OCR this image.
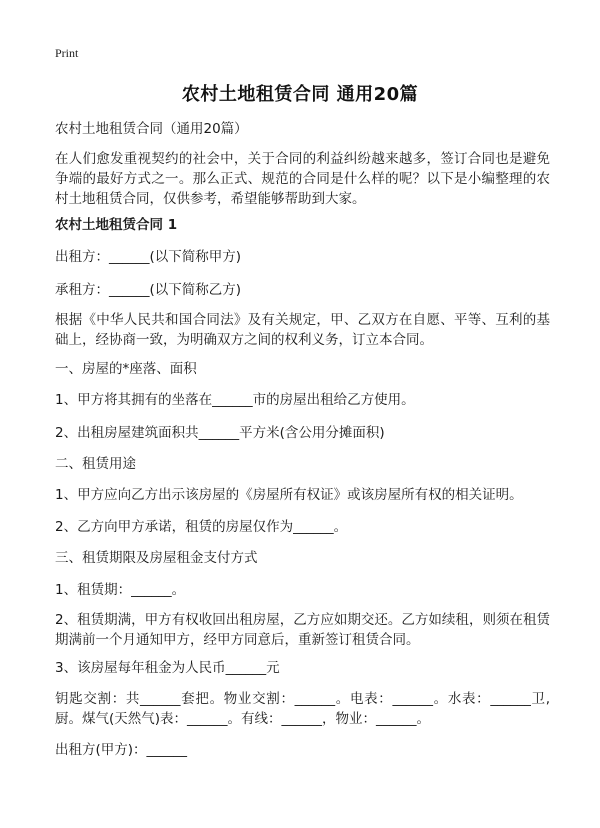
Print
农村土地租赁合同 通用20篇
农村土地租赁合同（通用20篇）
在人们愈发重视契约的社会中，关于合同的利益纠纷越来越多，签订合同也是避免争端的最好方式之一。那么正式、规范的合同是什么样的呢？以下是小编整理的农村土地租赁合同，仅供参考，希望能够帮助到大家。
农村土地租赁合同 1
出租方：______(以下简称甲方)
承租方：______(以下简称乙方)
根据《中华人民共和国合同法》及有关规定，甲、乙双方在自愿、平等、互利的基础上，经协商一致，为明确双方之间的权利义务，订立本合同。
一、房屋的*座落、面积
1、甲方将其拥有的坐落在______市的房屋出租给乙方使用。
2、出租房屋建筑面积共______平方米(含公用分摊面积)
二、租赁用途
1、甲方应向乙方出示该房屋的《房屋所有权证》或该房屋所有权的相关证明。
2、乙方向甲方承诺，租赁的房屋仅作为______。
三、租赁期限及房屋租金支付方式
1、租赁期：______。
2、租赁期满，甲方有权收回出租房屋，乙方应如期交还。乙方如续租，则须在租赁期满前一个月通知甲方，经甲方同意后，重新签订租赁合同。
3、该房屋每年租金为人民币______元
钥匙交割：共______套把。物业交割：______。电表：______。水表：______卫,厨。煤气(天然气)表：______。有线：______，物业：______。
出租方(甲方)：______
